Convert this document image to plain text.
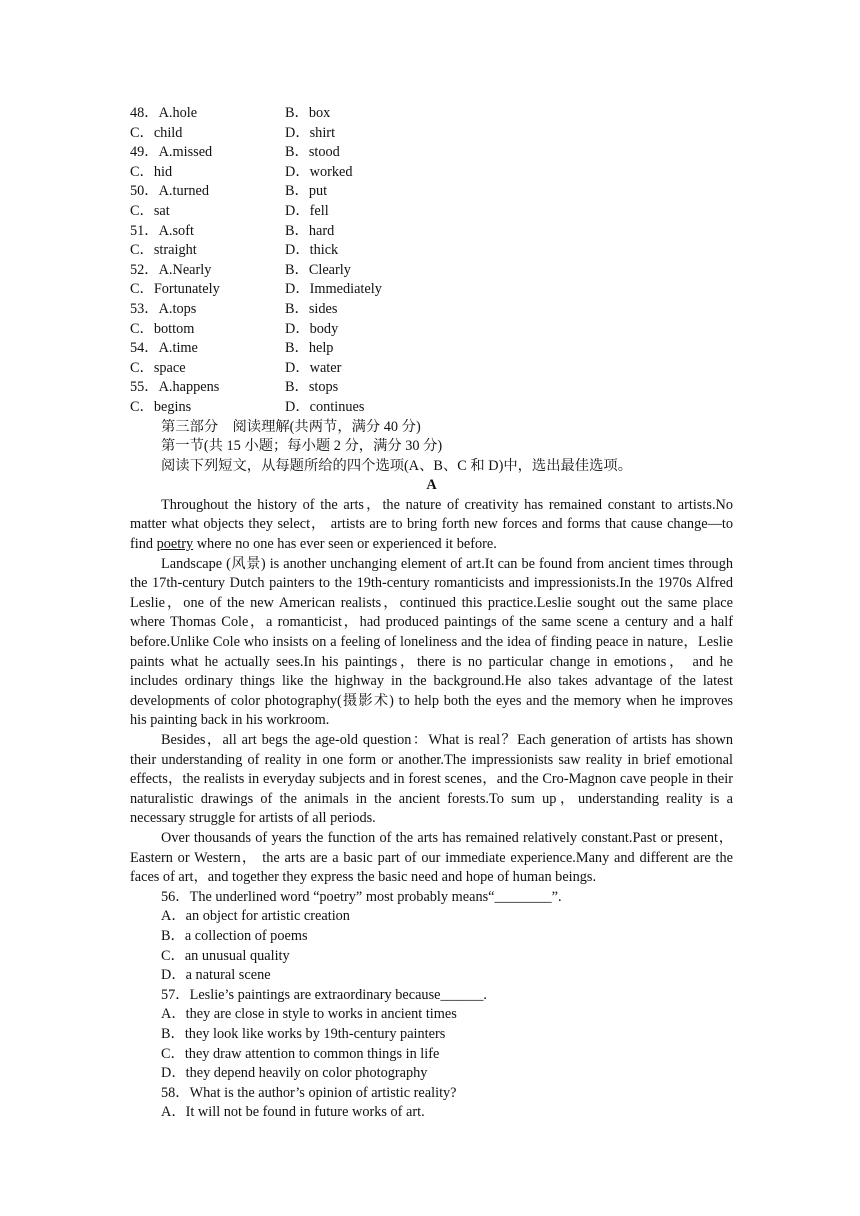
48．A.hole	B．box
C．child	D．shirt
49．A.missed	B．stood
C．hid	D．worked
50．A.turned	B．put
C．sat	D．fell
51．A.soft	B．hard
C．straight	D．thick
52．A.Nearly	B．Clearly
C．Fortunately	D．Immediately
53．A.tops	B．sides
C．bottom	D．body
54．A.time	B．help
C．space	D．water
55．A.happens	B．stops
C．begins	D．continues
第三部分　阅读理解(共两节，满分 40 分)
第一节(共 15 小题；每小题 2 分，满分 30 分)
阅读下列短文，从每题所给的四个选项(A、B、C 和 D)中，选出最佳选项。
A
Throughout the history of the arts，the nature of creativity has remained constant to artists.No matter what objects they select， artists are to bring forth new forces and forms that cause change—to find poetry where no one has ever seen or experienced it before.
Landscape (风景) is another unchanging element of art.It can be found from ancient times through the 17th-century Dutch painters to the 19th-century romanticists and impressionists.In the 1970s Alfred Leslie，one of the new American realists，continued this practice.Leslie sought out the same place where Thomas Cole，a romanticist，had produced paintings of the same scene a century and a half before.Unlike Cole who insists on a feeling of loneliness and the idea of finding peace in nature，Leslie paints what he actually sees.In his paintings，there is no particular change in emotions， and he includes ordinary things like the highway in the background.He also takes advantage of the latest developments of color photography(摄影术) to help both the eyes and the memory when he improves his painting back in his workroom.
Besides，all art begs the age-old question：What is real？Each generation of artists has shown their understanding of reality in one form or another.The impressionists saw reality in brief emotional effects，the realists in everyday subjects and in forest scenes，and the Cro-Magnon cave people in their naturalistic drawings of the animals in the ancient forests.To sum up，understanding reality is a necessary struggle for artists of all periods.
Over thousands of years the function of the arts has remained relatively constant.Past or present，Eastern or Western， the arts are a basic part of our immediate experience.Many and different are the faces of art，and together they express the basic need and hope of human beings.
56．The underlined word “poetry” most probably means“________”.
A．an object for artistic creation
B．a collection of poems
C．an unusual quality
D．a natural scene
57．Leslie’s paintings are extraordinary because______.
A．they are close in style to works in ancient times
B．they look like works by 19th-century painters
C．they draw attention to common things in life
D．they depend heavily on color photography
58．What is the author’s opinion of artistic reality?
A．It will not be found in future works of art.
